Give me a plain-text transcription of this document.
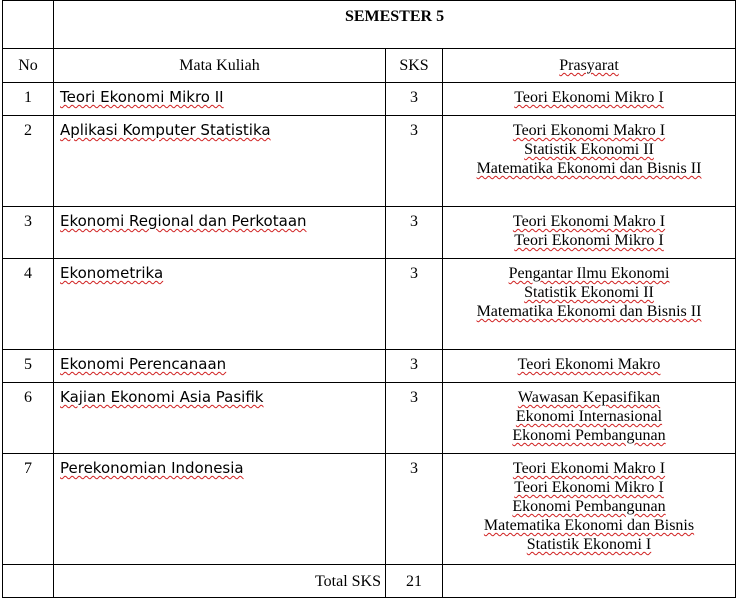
	SEMESTER 5		
No	Mata Kuliah	SKS	Prasyarat
1	Teori Ekonomi Mikro II	3	Teori Ekonomi Mikro I

2	Aplikasi Komputer Statistika	3	Teori Ekonomi Makro I
Statistik Ekonomi II
Matematika Ekonomi dan Bisnis II

3	Ekonomi Regional dan Perkotaan	3	Teori Ekonomi Makro I
Teori Ekonomi Mikro I

4	Ekonometrika	3	Pengantar Ilmu Ekonomi
Statistik Ekonomi II
Matematika Ekonomi dan Bisnis II

5	Ekonomi Perencanaan	3	Teori Ekonomi Makro

6	Kajian Ekonomi Asia Pasifik	3	Wawasan Kepasifikan
Ekonomi Internasional
Ekonomi Pembangunan

7	Perekonomian Indonesia	3	Teori Ekonomi Makro I
Teori Ekonomi Mikro I
Ekonomi Pembangunan
Matematika Ekonomi dan Bisnis
Statistik Ekonomi I

	Total SKS	21	
